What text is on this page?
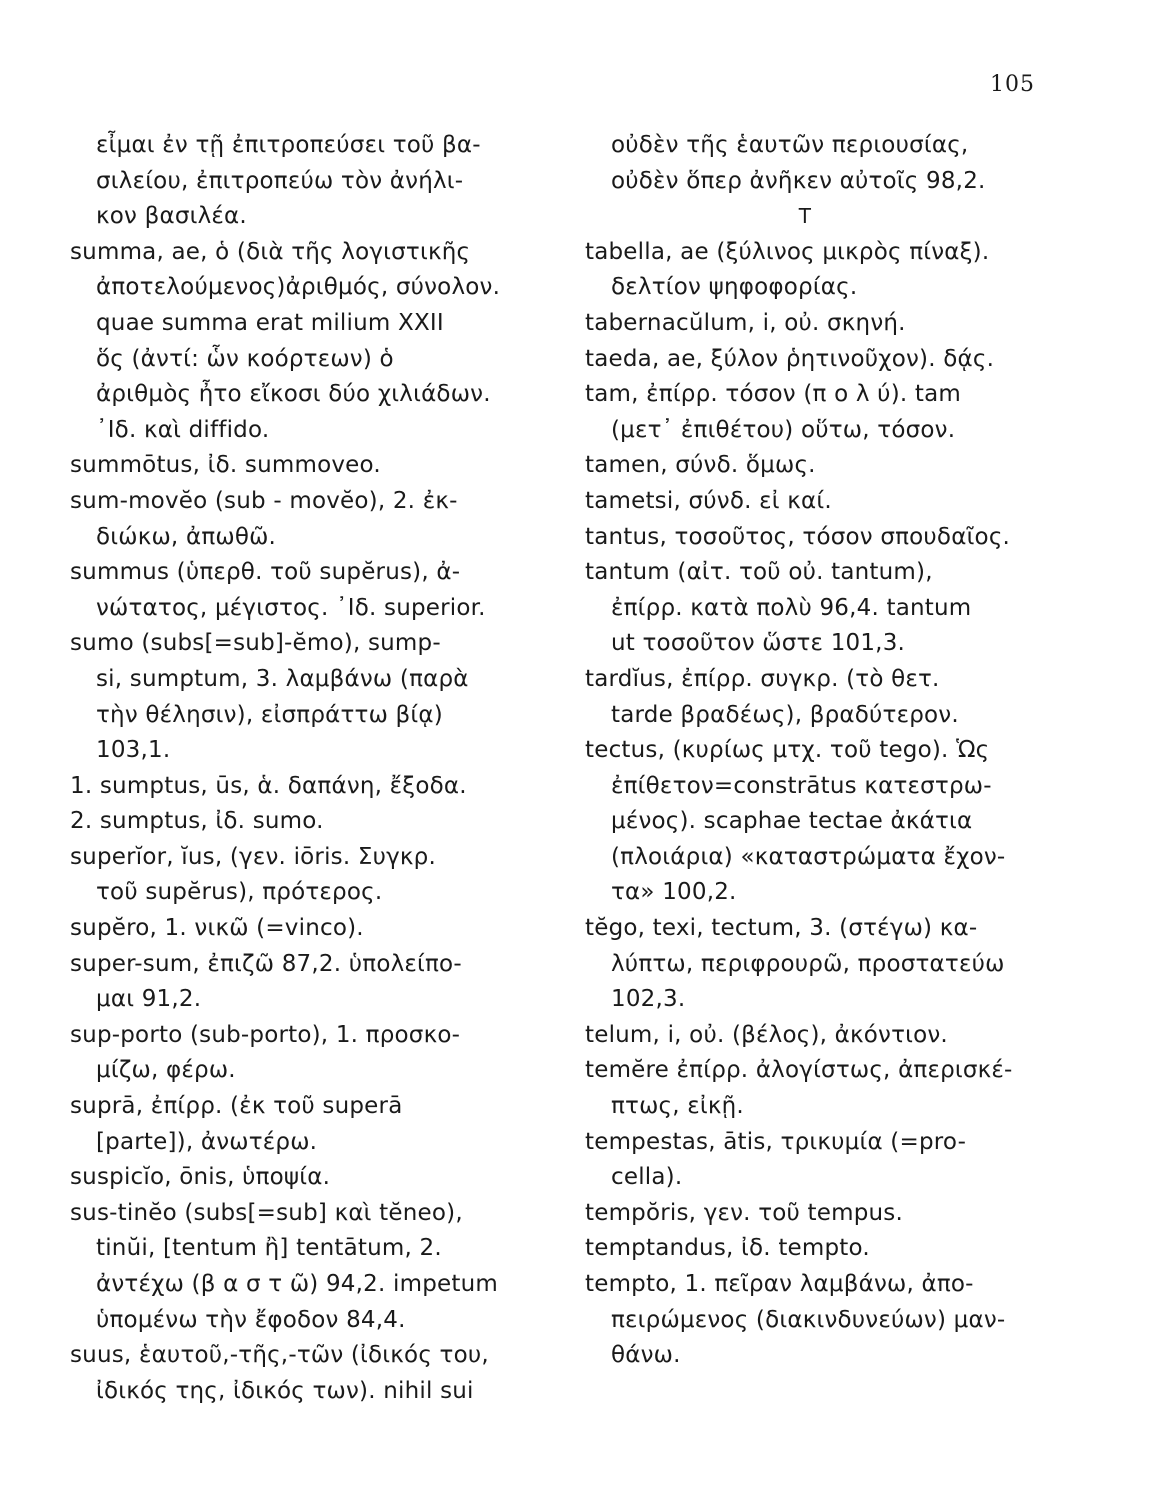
105
εἶμαι ἐν τῇ ἐπιτροπεύσει τοῦ βα-
σιλείου, ἐπιτροπεύω τὸν ἀνήλι-
κον βασιλέα.
summa, ae, ὁ (διὰ τῆς λογιστικῆς
ἀποτελούμενος)ἀριθμός, σύνολον.
quae summa erat milium XXII
ὅς (ἀντί: ὧν κοόρτεων) ὁ
ἀριθμὸς ἦτο εἴκοσι δύο χιλιάδων.
᾿Ιδ. καὶ diffido.
summōtus, ἰδ. summoveo.
sum-movĕo (sub - movĕo), 2. ἐκ-
διώκω, ἀπωθῶ.
summus (ὑπερθ. τοῦ supĕrus), ἀ-
νώτατος, μέγιστος. ᾿Ιδ. superior.
sumo (subs[=sub]-ĕmo), sump-
si, sumptum, 3. λαμβάνω (παρὰ
τὴν θέλησιν), εἰσπράττω βίᾳ)
103,1.
1. sumptus, ūs, ἁ. δαπάνη, ἔξοδα.
2. sumptus, ἰδ. sumo.
superĭor, ĭus, (γεν. iōris. Συγκρ.
τοῦ supĕrus), πρότερος.
supĕro, 1. νικῶ (=vinco).
super-sum, ἐπιζῶ 87,2. ὑπολείπο-
μαι 91,2.
sup-porto (sub-porto), 1. προσκο-
μίζω, φέρω.
suprā, ἐπίρρ. (ἐκ τοῦ superā
[parte]), ἀνωτέρω.
suspicĭo, ōnis, ὑποψία.
sus-tinĕo (subs[=sub] καὶ tĕneo),
tinŭi, [tentum ἢ] tentātum, 2.
ἀντέχω (β α σ τ ῶ) 94,2. impetum
ὑπομένω τὴν ἔφοδον 84,4.
suus, ἑαυτοῦ,-τῆς,-τῶν (ἰδικός του,
ἰδικός της, ἰδικός των). nihil sui
οὐδὲν τῆς ἑαυτῶν περιουσίας,
οὐδὲν ὅπερ ἀνῆκεν αὐτοῖς 98,2.
T
tabella, ae (ξύλινος μικρὸς πίναξ).
δελτίον ψηφοφορίας.
tabernacŭlum, i, οὐ. σκηνή.
taeda, ae, ξύλον ῥητινοῦχον). δᾴς.
tam, ἐπίρρ. τόσον (π ο λ ύ). tam
(μετ᾿ ἐπιθέτου) οὕτω, τόσον.
tamen, σύνδ. ὅμως.
tametsi, σύνδ. εἰ καί.
tantus, τοσοῦτος, τόσον σπουδαῖος.
tantum (αἰτ. τοῦ οὐ. tantum),
ἐπίρρ. κατὰ πολὺ 96,4. tantum
ut τοσοῦτον ὥστε 101,3.
tardĭus, ἐπίρρ. συγκρ. (τὸ θετ.
tarde βραδέως), βραδύτερον.
tectus, (κυρίως μτχ. τοῦ tego). Ὡς
ἐπίθετον=constrātus κατεστρω-
μένος). scaphae tectae ἀκάτια
(πλοιάρια) «καταστρώματα ἔχον-
τα» 100,2.
tĕgo, texi, tectum, 3. (στέγω) κα-
λύπτω, περιφρουρῶ, προστατεύω
102,3.
telum, i, οὐ. (βέλος), ἀκόντιον.
temĕre ἐπίρρ. ἀλογίστως, ἀπερισκέ-
πτως, εἰκῇ.
tempestas, ātis, τρικυμία (=pro-
cella).
tempŏris, γεν. τοῦ tempus.
temptandus, ἰδ. tempto.
tempto, 1. πεῖραν λαμβάνω, ἀπο-
πειρώμενος (διακινδυνεύων) μαν-
θάνω.
